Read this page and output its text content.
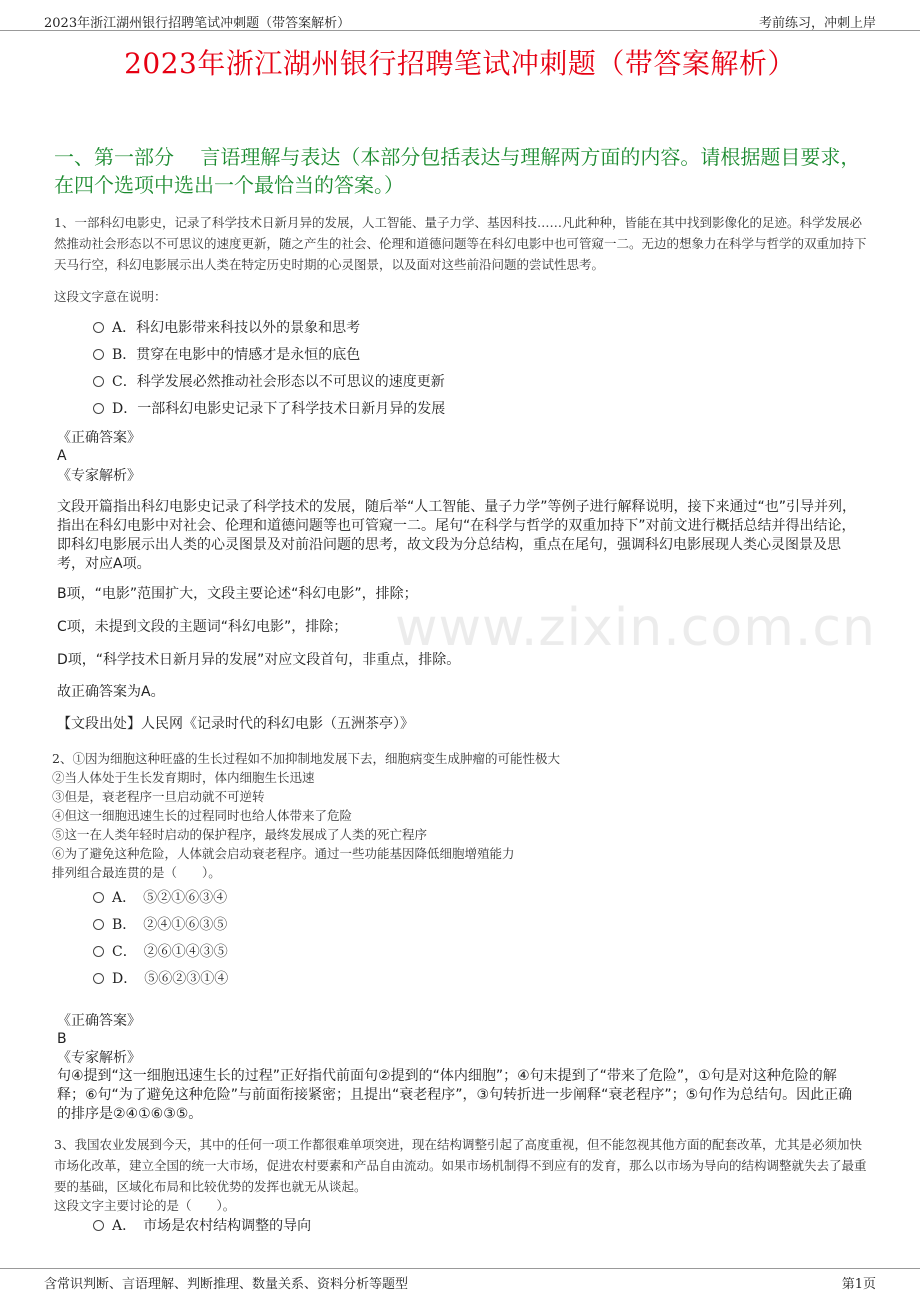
2023年浙江湖州银行招聘笔试冲刺题（带答案解析）	考前练习，冲刺上岸
2023年浙江湖州银行招聘笔试冲刺题（带答案解析）
一、第一部分　 言语理解与表达（本部分包括表达与理解两方面的内容。请根据题目要求，在四个选项中选出一个最恰当的答案。）
www.zixin.com.cn
1、一部科幻电影史，记录了科学技术日新月异的发展，人工智能、量子力学、基因科技……凡此种种，皆能在其中找到影像化的足迹。科学发展必然推动社会形态以不可思议的速度更新，随之产生的社会、伦理和道德问题等在科幻电影中也可管窥一二。无边的想象力在科学与哲学的双重加持下天马行空，科幻电影展示出人类在特定历史时期的心灵图景，以及面对这些前沿问题的尝试性思考。
这段文字意在说明：
A．科幻电影带来科技以外的景象和思考
B．贯穿在电影中的情感才是永恒的底色
C．科学发展必然推动社会形态以不可思议的速度更新
D．一部科幻电影史记录下了科学技术日新月异的发展
《正确答案》
A
《专家解析》
文段开篇指出科幻电影史记录了科学技术的发展，随后举“人工智能、量子力学”等例子进行解释说明，接下来通过“也”引导并列，指出在科幻电影中对社会、伦理和道德问题等也可管窥一二。尾句“在科学与哲学的双重加持下”对前文进行概括总结并得出结论，即科幻电影展示出人类的心灵图景及对前沿问题的思考，故文段为分总结构，重点在尾句，强调科幻电影展现人类心灵图景及思考，对应A项。
B项，“电影”范围扩大，文段主要论述“科幻电影”，排除；
C项，未提到文段的主题词“科幻电影”，排除；
D项，“科学技术日新月异的发展”对应文段首句，非重点，排除。
故正确答案为A。
【文段出处】人民网《记录时代的科幻电影（五洲茶亭）》
2、①因为细胞这种旺盛的生长过程如不加抑制地发展下去，细胞病变生成肿瘤的可能性极大
②当人体处于生长发育期时，体内细胞生长迅速
③但是，衰老程序一旦启动就不可逆转
④但这一细胞迅速生长的过程同时也给人体带来了危险
⑤这一在人类年轻时启动的保护程序，最终发展成了人类的死亡程序
⑥为了避免这种危险，人体就会启动衰老程序。通过一些功能基因降低细胞增殖能力
排列组合最连贯的是（　　）。
A．　⑤②①⑥③④
B．　②④①⑥③⑤
C．　②⑥①④③⑤
D．　⑤⑥②③①④
《正确答案》
B
《专家解析》
句④提到“这一细胞迅速生长的过程”正好指代前面句②提到的“体内细胞”；④句末提到了“带来了危险”，①句是对这种危险的解释；⑥句“为了避免这种危险”与前面衔接紧密；且提出“衰老程序”，③句转折进一步阐释“衰老程序”；⑤句作为总结句。因此正确的排序是②④①⑥③⑤。
3、我国农业发展到今天，其中的任何一项工作都很难单项突进，现在结构调整引起了高度重视，但不能忽视其他方面的配套改革，尤其是必须加快市场化改革，建立全国的统一大市场，促进农村要素和产品自由流动。如果市场机制得不到应有的发育，那么以市场为导向的结构调整就失去了最重要的基础，区域化布局和比较优势的发挥也就无从谈起。
这段文字主要讨论的是（　　）。
A．　市场是农村结构调整的导向
含常识判断、言语理解、判断推理、数量关系、资料分析等题型	第1页
